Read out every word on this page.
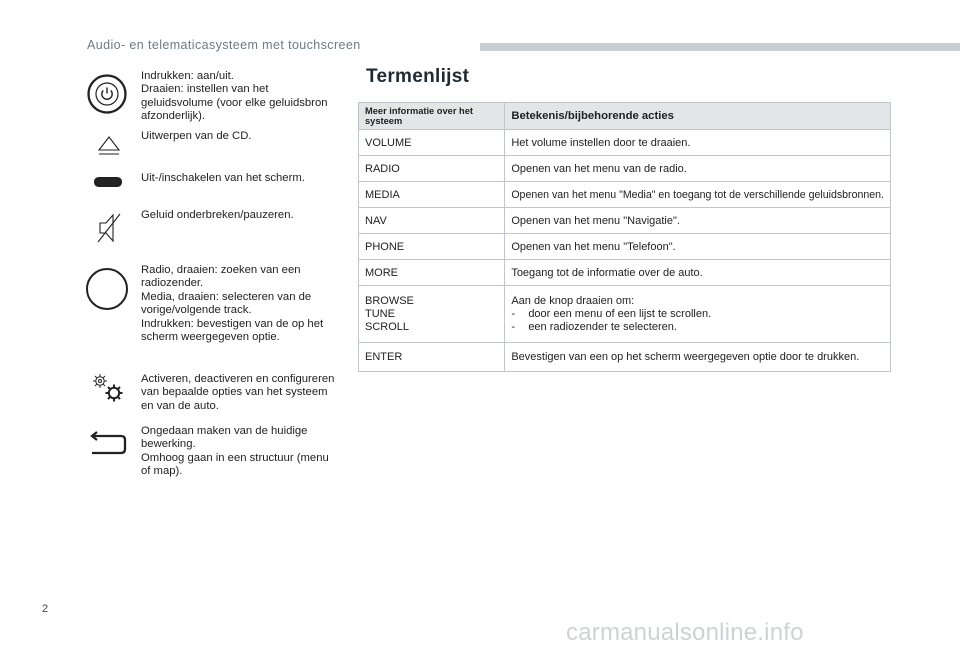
Audio- en telematicasysteem met touchscreen
Indrukken: aan/uit.
Draaien: instellen van het geluidsvolume (voor elke geluidsbron afzonderlijk).
Uitwerpen van de CD.
Uit-/inschakelen van het scherm.
Geluid onderbreken/pauzeren.
Radio, draaien: zoeken van een radiozender.
Media, draaien: selecteren van de vorige/volgende track.
Indrukken: bevestigen van de op het scherm weergegeven optie.
Activeren, deactiveren en configureren van bepaalde opties van het systeem en van de auto.
Ongedaan maken van de huidige bewerking.
Omhoog gaan in een structuur (menu of map).
Termenlijst
Meer informatie over het systeem	Betekenis/bijbehorende acties
VOLUME	Het volume instellen door te draaien.
RADIO	Openen van het menu van de radio.
MEDIA	Openen van het menu "Media" en toegang tot de verschillende geluidsbronnen.
NAV	Openen van het menu "Navigatie".
PHONE	Openen van het menu "Telefoon".
MORE	Toegang tot de informatie over de auto.
BROWSE
TUNE
SCROLL	Aan de knop draaien om:
- door een menu of een lijst te scrollen.
- een radiozender te selecteren.

ENTER	Bevestigen van een op het scherm weergegeven optie door te drukken.
2
carmanualsonline.info
